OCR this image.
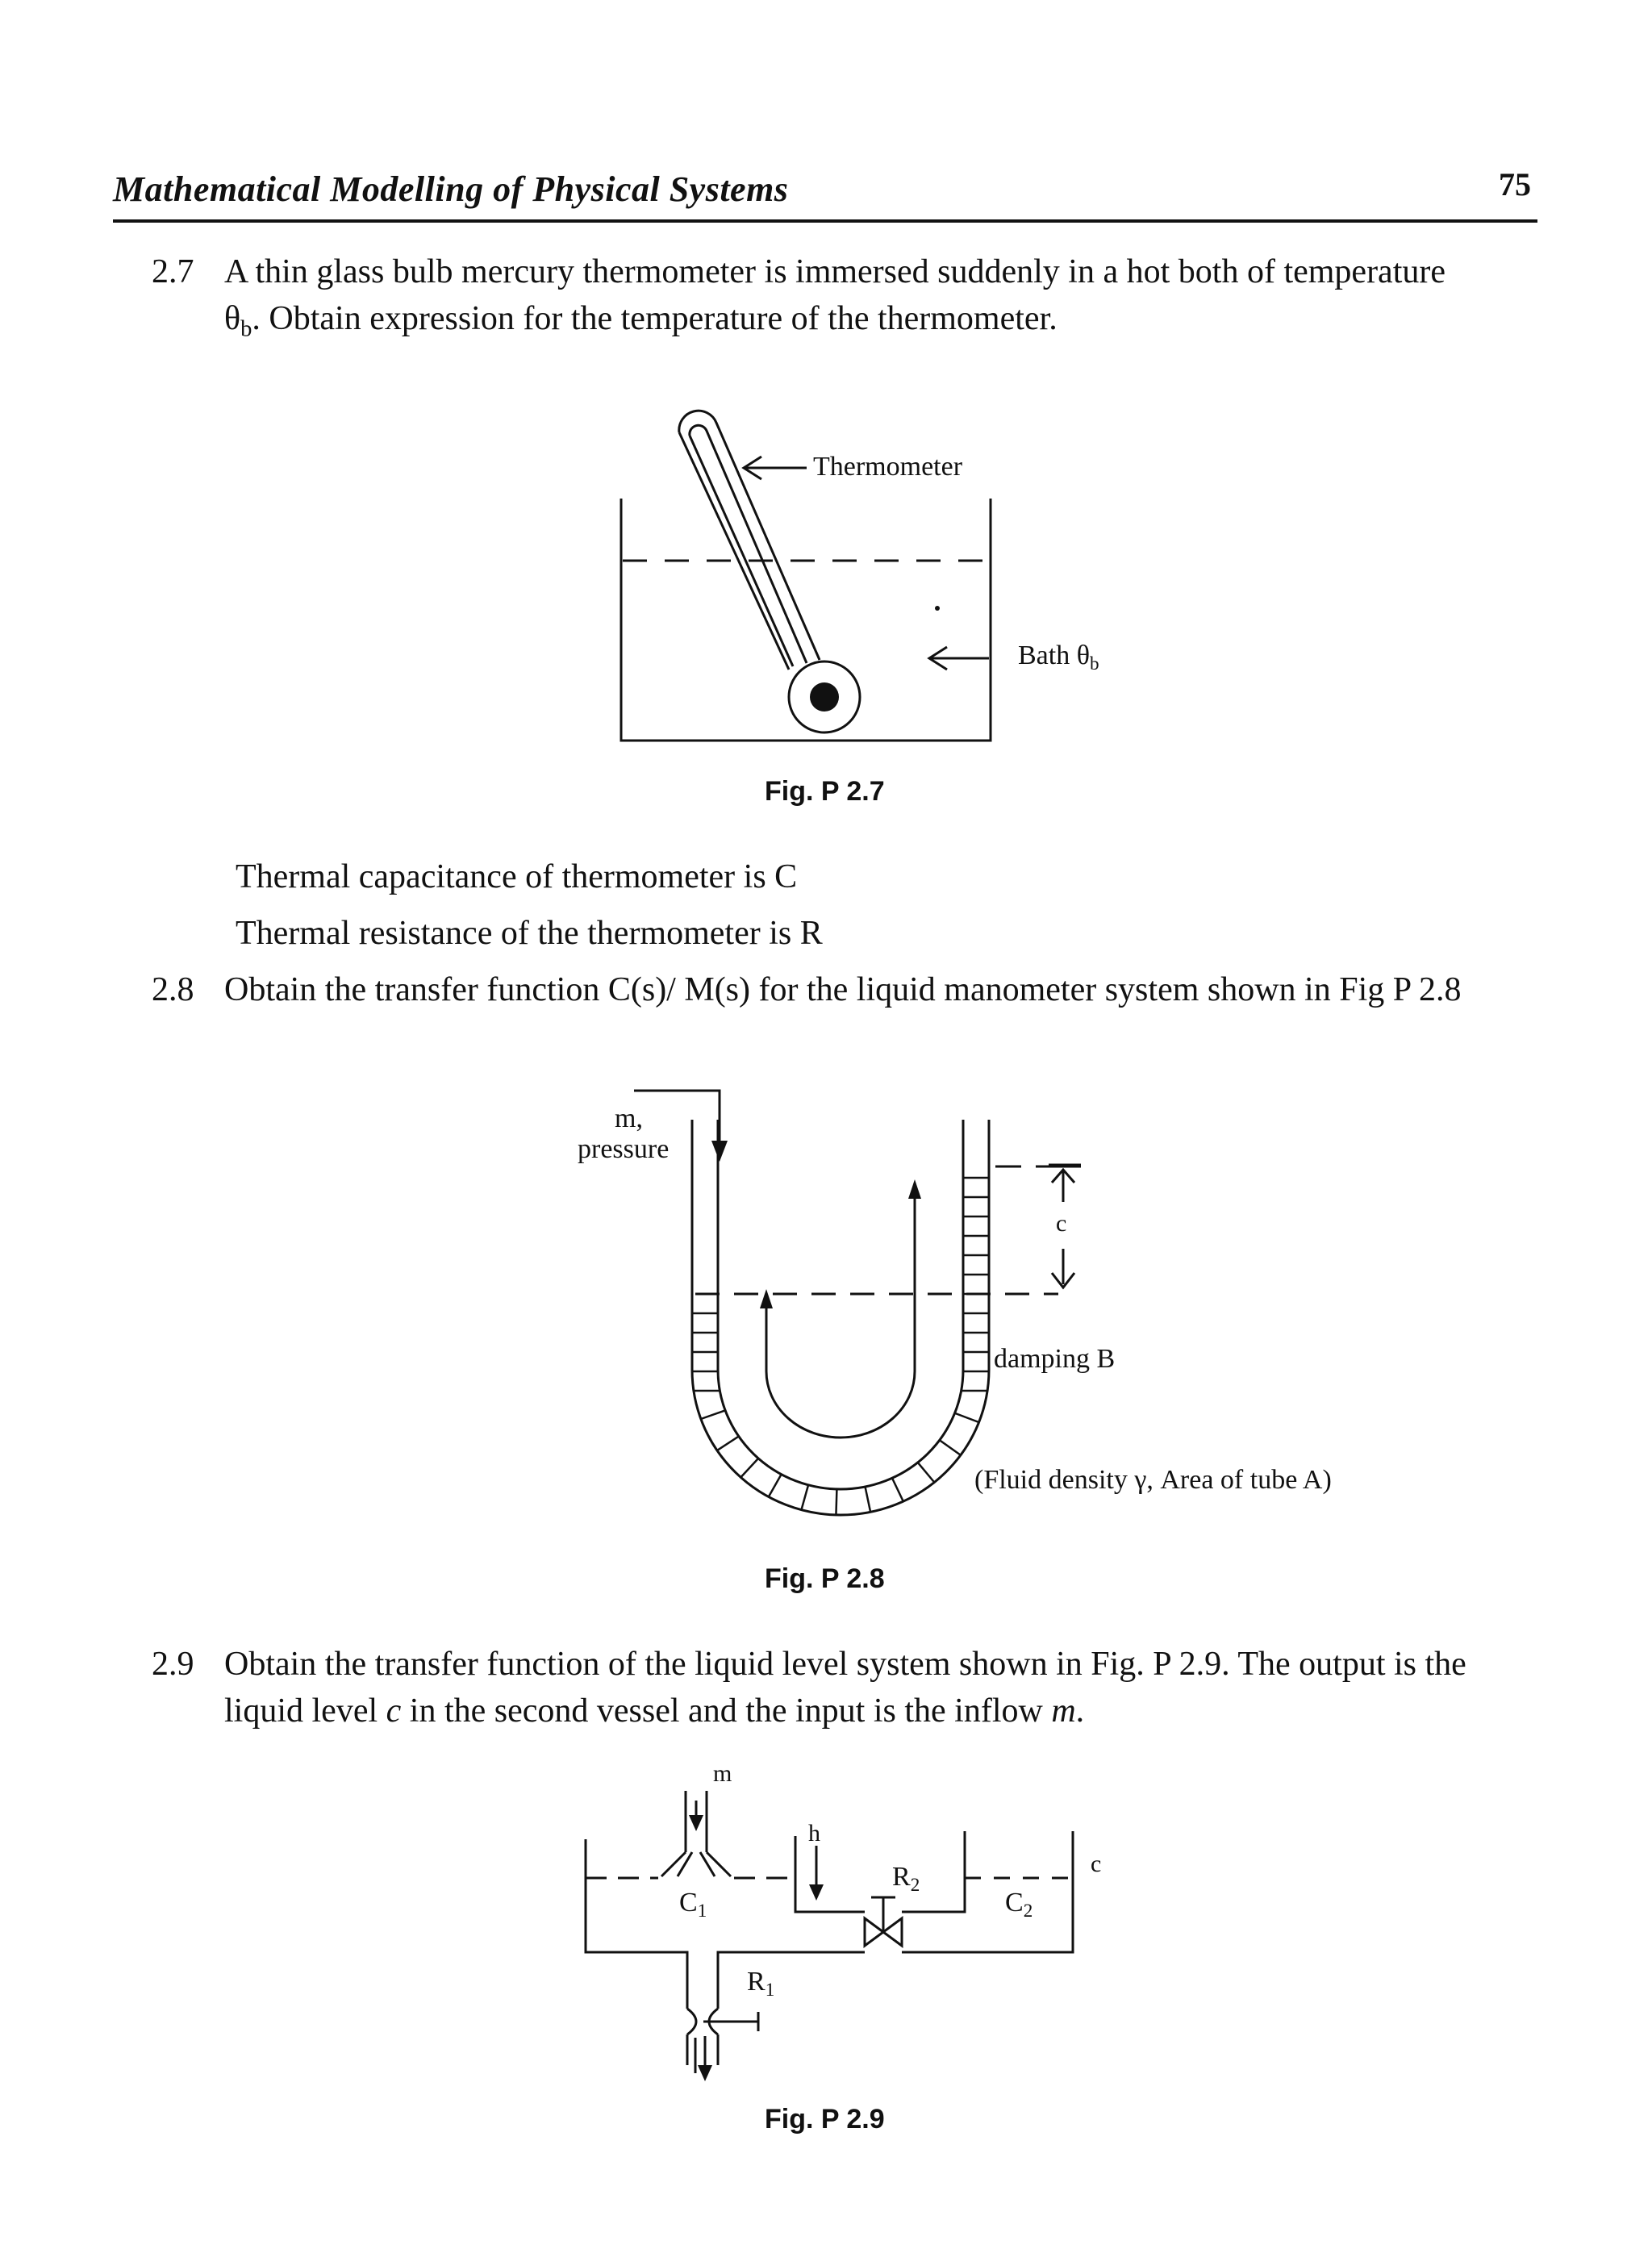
Mathematical Modelling of Physical Systems	75
2.7 A thin glass bulb mercury thermometer is immersed suddenly in a hot both of temperature
$\theta_b$. Obtain expression for the temperature of the thermometer.
Thermometer
Bath $\theta_b$
Fig. P 2.7
Thermal capacitance of thermometer is C
Thermal resistance of the thermometer is R
2.8 Obtain the transfer function C(s)/ M(s) for the liquid manometer system shown in Fig P 2.8
m,
pressure
c
damping B
(Fluid density γ, Area of tube A)
Fig. P 2.8
2.9 Obtain the transfer function of the liquid level system shown in Fig. P 2.9. The output is the
liquid level c in the second vessel and the input is the inflow m.
m
h
c
$C_1$	$C_2$
$R_2$
$R_1$
Fig. P 2.9
